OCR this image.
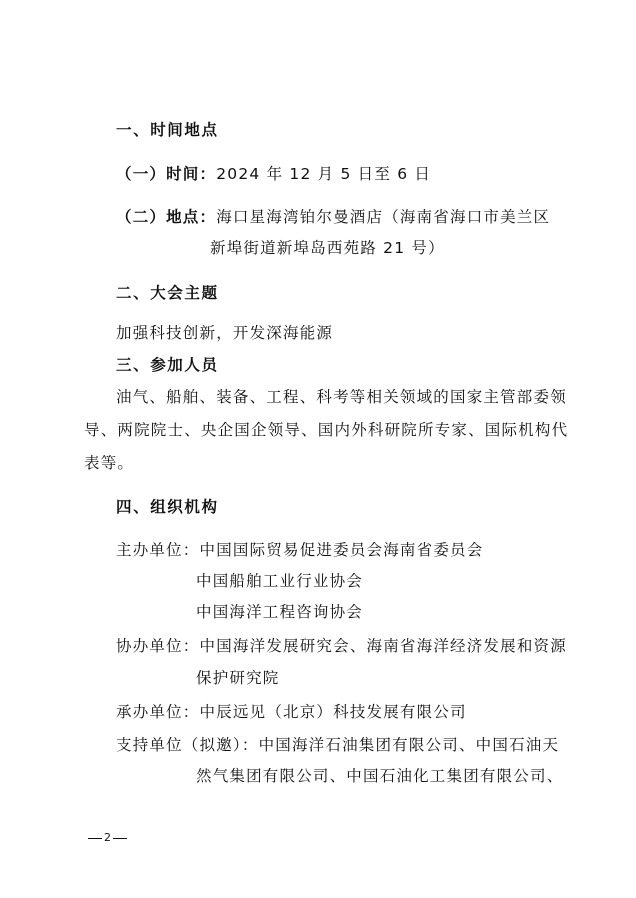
一、时间地点
（一）时间：2024 年 12 月 5 日至 6 日
（二）地点：海口星海湾铂尔曼酒店（海南省海口市美兰区
新埠街道新埠岛西苑路 21 号）
二、大会主题
加强科技创新，开发深海能源
三、参加人员
油气、船舶、装备、工程、科考等相关领域的国家主管部委领
导、两院院士、央企国企领导、国内外科研院所专家、国际机构代
表等。
四、组织机构
主办单位：中国国际贸易促进委员会海南省委员会
中国船舶工业行业协会
中国海洋工程咨询协会
协办单位：中国海洋发展研究会、海南省海洋经济发展和资源
保护研究院
承办单位：中辰远见（北京）科技发展有限公司
支持单位（拟邀）：中国海洋石油集团有限公司、中国石油天
然气集团有限公司、中国石油化工集团有限公司、
2
